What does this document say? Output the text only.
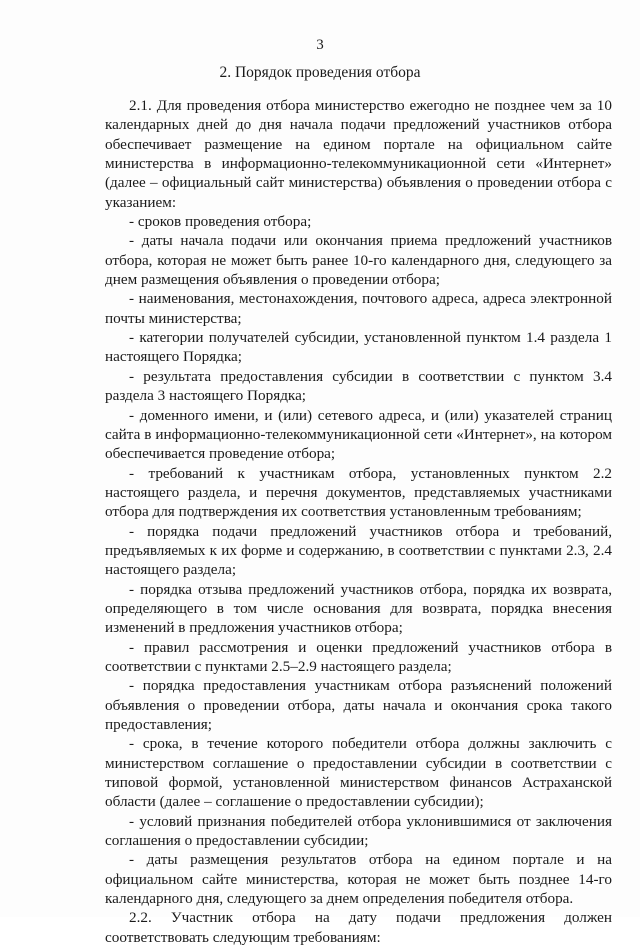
3
2. Порядок проведения отбора

2.1. Для проведения отбора министерство ежегодно не позднее чем за 10 календарных дней до дня начала подачи предложений участников отбора обеспечивает размещение на едином портале на официальном сайте министерства в информационно-телекоммуникационной сети «Интернет» (далее – официальный сайт министерства) объявления о проведении отбора с указанием:

- сроков проведения отбора;

- даты начала подачи или окончания приема предложений участников отбора, которая не может быть ранее 10-го календарного дня, следующего за днем размещения объявления о проведении отбора;

- наименования, местонахождения, почтового адреса, адреса электронной почты министерства;

- категории получателей субсидии, установленной пунктом 1.4 раздела 1 настоящего Порядка;

- результата предоставления субсидии в соответствии с пунктом 3.4 раздела 3 настоящего Порядка;

- доменного имени, и (или) сетевого адреса, и (или) указателей страниц сайта в информационно-телекоммуникационной сети «Интернет», на котором обеспечивается проведение отбора;

- требований к участникам отбора, установленных пунктом 2.2 настоящего раздела, и перечня документов, представляемых участниками отбора для подтверждения их соответствия установленным требованиям;

- порядка подачи предложений участников отбора и требований, предъявляемых к их форме и содержанию, в соответствии с пунктами 2.3, 2.4 настоящего раздела;

- порядка отзыва предложений участников отбора, порядка их возврата, определяющего в том числе основания для возврата, порядка внесения изменений в предложения участников отбора;

- правил рассмотрения и оценки предложений участников отбора в соответствии с пунктами 2.5–2.9 настоящего раздела;

- порядка предоставления участникам отбора разъяснений положений объявления о проведении отбора, даты начала и окончания срока такого предоставления;

- срока, в течение которого победители отбора должны заключить с министерством соглашение о предоставлении субсидии в соответствии с типовой формой, установленной министерством финансов Астраханской области (далее – соглашение о предоставлении субсидии);

- условий признания победителей отбора уклонившимися от заключения соглашения о предоставлении субсидии;

- даты размещения результатов отбора на едином портале и на официальном сайте министерства, которая не может быть позднее 14-го календарного дня, следующего за днем определения победителя отбора.

2.2. Участник отбора на дату подачи предложения должен соответствовать следующим требованиям:
